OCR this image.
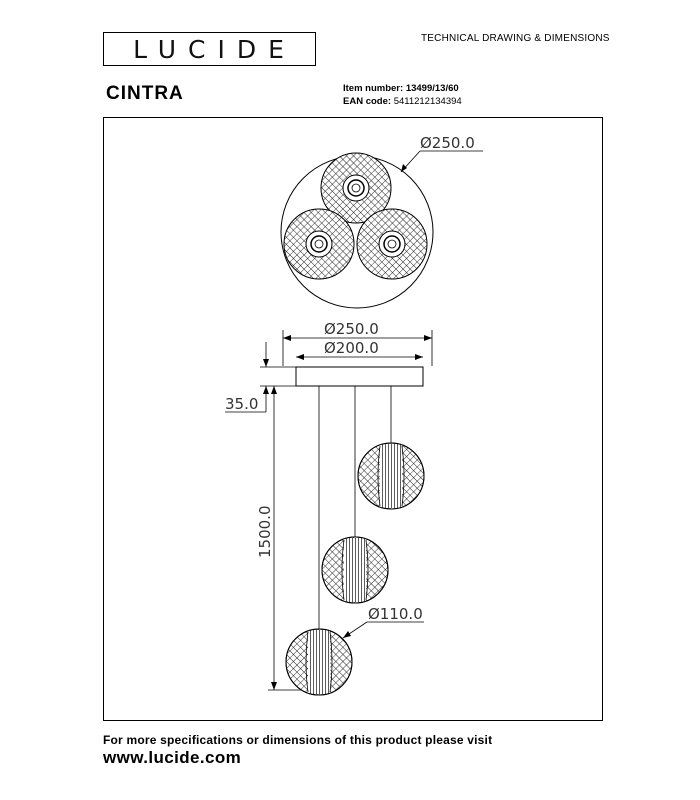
LUCIDE	TECHNICAL DRAWING & DIMENSIONS
CINTRA	Item number: 13499/13/60
EAN code: 5411212134394
Ø250.0
Ø250.0
Ø200.0
35.0
1500.0
Ø110.0
For more specifications or dimensions of this product please visit
www.lucide.com
